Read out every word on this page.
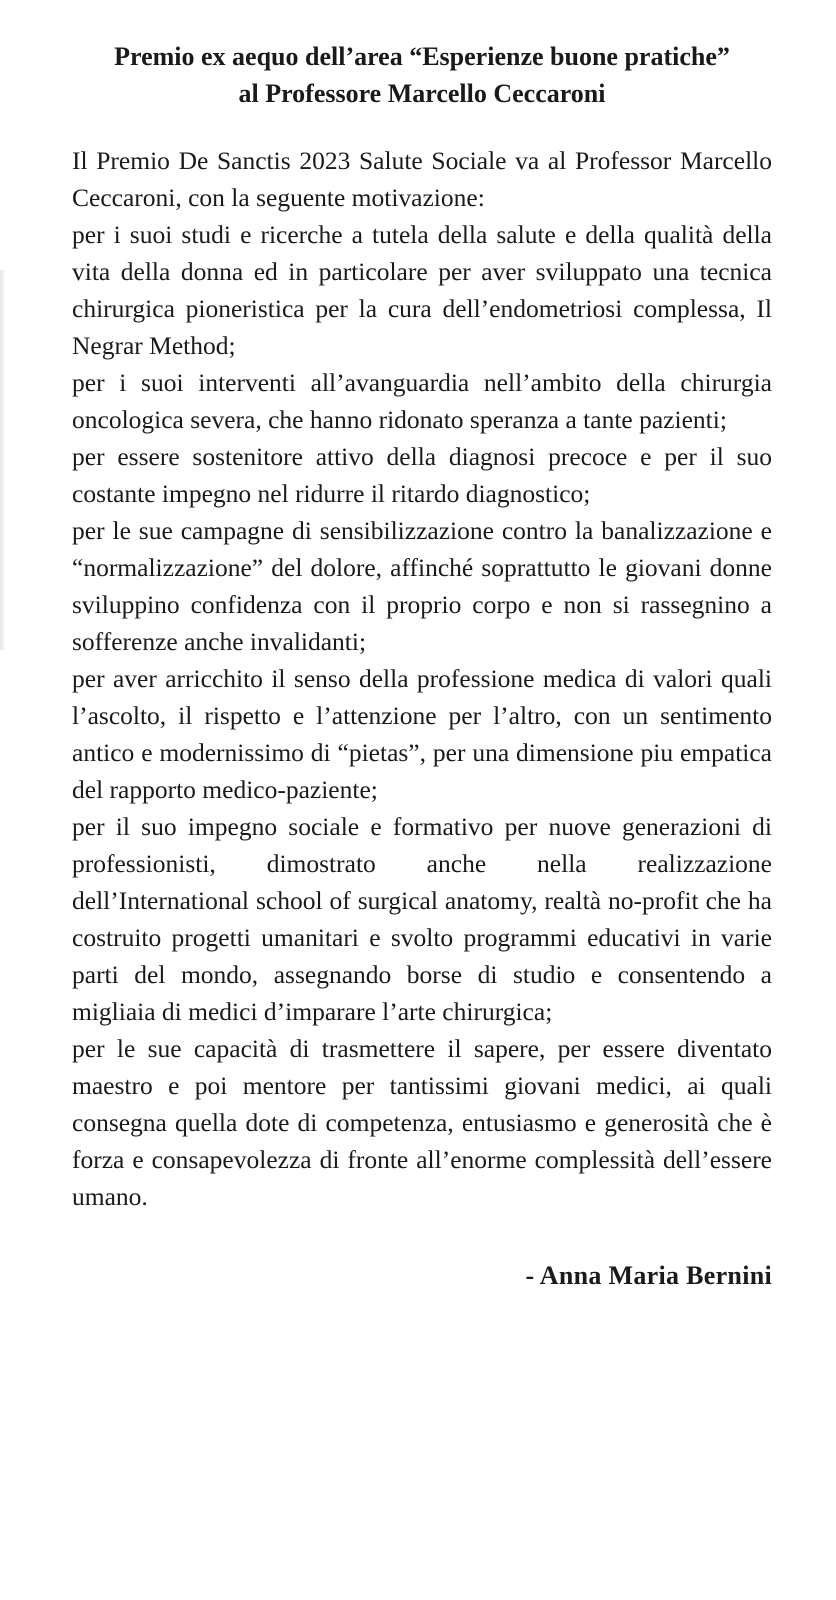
Premio ex aequo dell’area “Esperienze buone pratiche”
al Professore Marcello Ceccaroni

Il Premio De Sanctis 2023 Salute Sociale va al Professor Marcello Ceccaroni, con la seguente motivazione:

per i suoi studi e ricerche a tutela della salute e della qualità della vita della donna ed in particolare per aver sviluppato una tecnica chirurgica pioneristica per la cura dell’endometriosi complessa, Il Negrar Method;

per i suoi interventi all’avanguardia nell’ambito della chirurgia oncologica severa, che hanno ridonato speranza a tante pazienti;

per essere sostenitore attivo della diagnosi precoce e per il suo costante impegno nel ridurre il ritardo diagnostico;

per le sue campagne di sensibilizzazione contro la banalizzazione e “normalizzazione” del dolore, affinché soprattutto le giovani donne sviluppino confidenza con il proprio corpo e non si rassegnino a sofferenze anche invalidanti;

per aver arricchito il senso della professione medica di valori quali l’ascolto, il rispetto e l’attenzione per l’altro, con un sentimento antico e modernissimo di “pietas”, per una dimensione piu empatica del rapporto medico-paziente;

per il suo impegno sociale e formativo per nuove generazioni di professionisti, dimostrato anche nella realizzazione dell’International school of surgical anatomy, realtà no-profit che ha costruito progetti umanitari e svolto programmi educativi in varie parti del mondo, assegnando borse di studio e consentendo a migliaia di medici d’imparare l’arte chirurgica;

per le sue capacità di trasmettere il sapere, per essere diventato maestro e poi mentore per tantissimi giovani medici, ai quali consegna quella dote di competenza, entusiasmo e generosità che è forza e consapevolezza di fronte all’enorme complessità dell’essere umano.

- Anna Maria Bernini
